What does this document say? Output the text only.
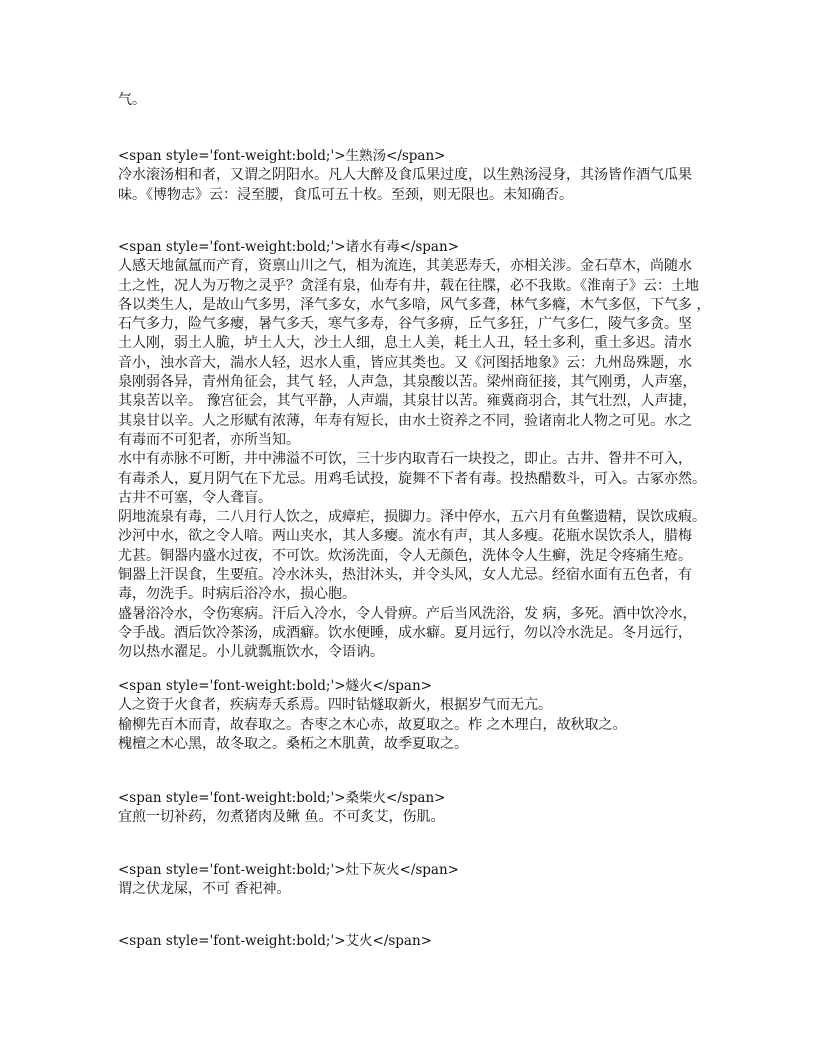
气。
<span style='font-weight:bold;'>生熟汤</span>
冷水滚汤相和者，又谓之阴阳水。凡人大醉及食瓜果过度，以生熟汤浸身，其汤皆作酒气瓜果
味。《博物志》云：浸至腰，食瓜可五十枚。至颈，则无限也。未知确否。
<span style='font-weight:bold;'>诸水有毒</span>
人感天地氤氲而产育，资禀山川之气，相为流连，其美恶寿夭，亦相关涉。金石草木，尚随水
土之性，况人为万物之灵乎？贪淫有泉，仙寿有井，载在往牒，必不我欺。《淮南子》云：土地
各以类生人，是故山气多男，泽气多女，水气多喑，风气多聋，林气多癃，木气多伛，下气多 ，
石气多力，险气多瘿，暑气多夭，寒气多寿，谷气多痹，丘气多狂，广气多仁，陵气多贪。坚
土人刚，弱土人脆，垆土人大，沙土人细，息土人美，耗土人丑，轻土多利，重土多迟。清水
音小，浊水音大，湍水人轻，迟水人重，皆应其类也。又《河图括地象》云：九州岛殊题，水
泉刚弱各异，青州角征会，其气 轻，人声急，其泉酸以苦。梁州商征接，其气刚勇，人声塞，
其泉苦以辛。 豫宫征会，其气平静，人声端，其泉甘以苦。雍冀商羽合，其气壮烈，人声捷，
其泉甘以辛。人之形赋有浓薄，年寿有短长，由水土资养之不同，验诸南北人物之可见。水之
有毒而不可犯者，亦所当知。
水中有赤脉不可断，井中沸溢不可饮，三十步内取青石一块投之，即止。古井、眢井不可入，
有毒杀人，夏月阴气在下尤忌。用鸡毛试投，旋舞不下者有毒。投热醋数斗，可入。古冢亦然。
古井不可塞，令人聋盲。
阴地流泉有毒，二八月行人饮之，成瘴疟，损脚力。泽中停水，五六月有鱼鳖遗精，误饮成瘕。
沙河中水，欲之令人喑。两山夹水，其人多瘿。流水有声，其人多瘦。花瓶水误饮杀人，腊梅
尤甚。铜器内盛水过夜，不可饮。炊汤洗面，令人无颜色，洗体令人生癣，洗足令疼痛生疮。
铜器上汗误食，生要疽。冷水沐头，热泔沐头，并令头风，女人尤忌。经宿水面有五色者，有
毒，勿洗手。时病后浴冷水，损心胞。
盛暑浴冷水，令伤寒病。汗后入冷水，令人骨痹。产后当风洗浴，发 病，多死。酒中饮冷水，
令手战。酒后饮冷茶汤，成酒癖。饮水便睡，成水癖。夏月远行，勿以冷水洗足。冬月远行，
勿以热水濯足。小儿就瓢瓶饮水，令语讷。
<span style='font-weight:bold;'>燧火</span>
人之资于火食者，疾病寿夭系焉。四时钻燧取新火，根据岁气而无亢。
榆柳先百木而青，故春取之。杏枣之木心赤，故夏取之。柞 之木理白，故秋取之。
槐檀之木心黑，故冬取之。桑柘之木肌黄，故季夏取之。
<span style='font-weight:bold;'>桑柴火</span>
宜煎一切补药，勿煮猪肉及鳅 鱼。不可炙艾，伤肌。
<span style='font-weight:bold;'>灶下灰火</span>
谓之伏龙屎，不可 香祀神。
<span style='font-weight:bold;'>艾火</span>
